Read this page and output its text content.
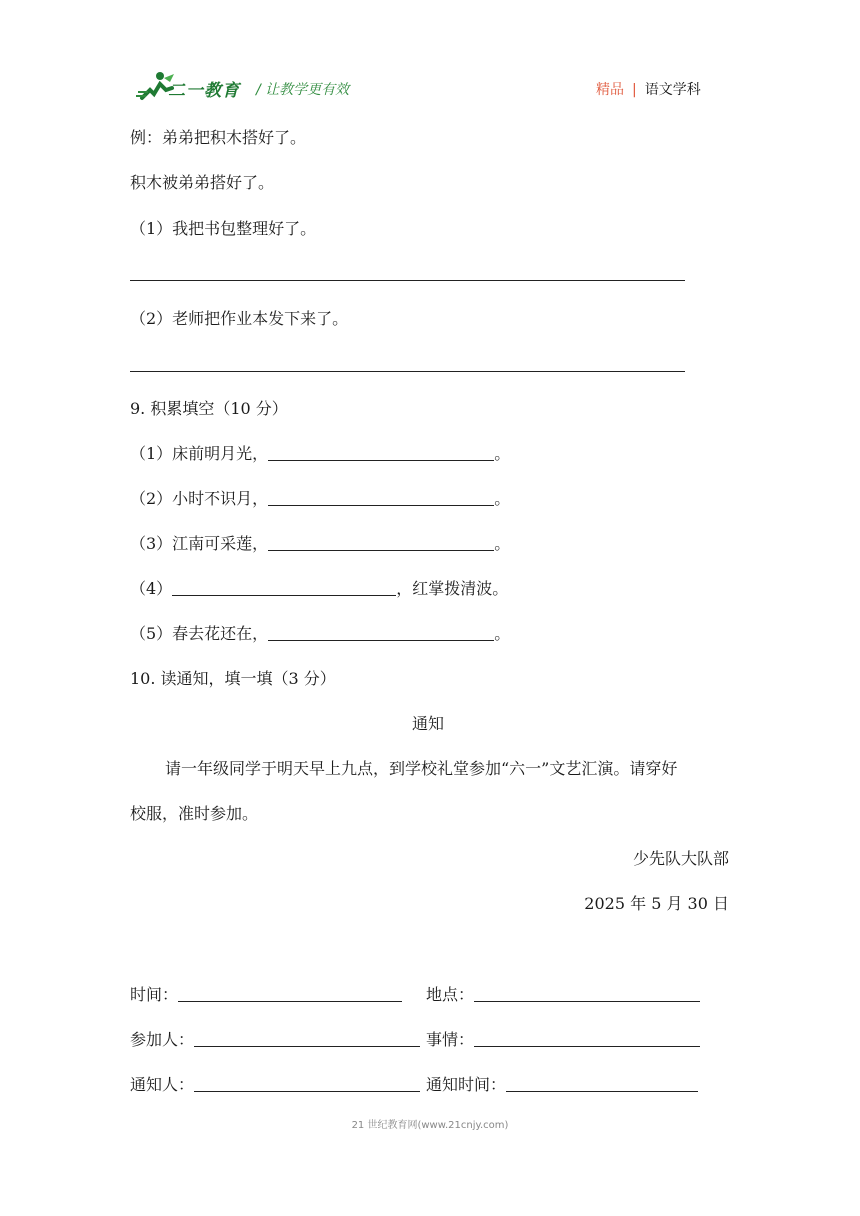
二一教育 / 让教学更有效	精品 | 语文学科
例：弟弟把积木搭好了。
积木被弟弟搭好了。
（1）我把书包整理好了。
（2）老师把作业本发下来了。
9. 积累填空（10 分）
（1）床前明月光，	。
（2）小时不识月，	。
（3）江南可采莲，	。
（4）	，红掌拨清波。
（5）春去花还在，	。
10. 读通知，填一填（3 分）
通知
请一年级同学于明天早上九点，到学校礼堂参加“六一”文艺汇演。请穿好
校服，准时参加。
少先队大队部
2025 年 5 月 30 日
时间：	地点：
参加人：	事情：
通知人：	通知时间：
21 世纪教育网(www.21cnjy.com)
